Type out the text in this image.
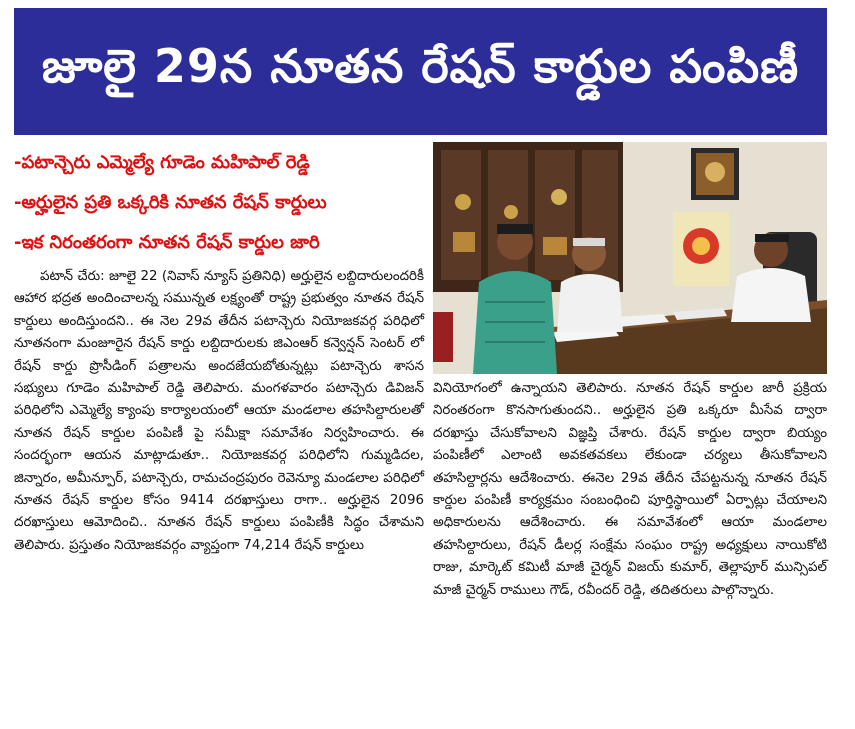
జూలై 29న నూతన రేషన్ కార్డుల పంపిణీ
-పటాన్చెరు ఎమ్మెల్యే గూడెం మహిపాల్ రెడ్డి
-అర్హులైన ప్రతి ఒక్కరికి నూతన రేషన్ కార్డులు
-ఇక నిరంతరంగా నూతన రేషన్ కార్డుల జారి

పటాన్ చేరు: జూలై 22 (నివాస్ న్యూస్ ప్రతినిధి) అర్హులైన లబ్దిదారులందరికీ ఆహార భద్రత అందించాలన్న సమున్నత లక్ష్యంతో రాష్ట్ర ప్రభుత్వం నూతన రేషన్ కార్డులు అందిస్తుందని.. ఈ నెల 29వ తేదీన పటాన్చెరు నియోజకవర్గ పరిధిలో నూతనంగా మంజూరైన రేషన్ కార్డు లబ్దిదారులకు జిఎంఆర్ కన్వెన్షన్ సెంటర్ లో రేషన్ కార్డు ప్రొసీడింగ్ పత్రాలను అందజేయబోతున్నట్లు పటాన్చెరు శాసన సభ్యులు గూడెం మహిపాల్ రెడ్డి తెలిపారు. మంగళవారం పటాన్చెరు డివిజన్ పరిధిలోని ఎమ్మెల్యే క్యాంపు కార్యాలయంలో ఆయా మండలాల తహసిల్దారులతో నూతన రేషన్ కార్డుల పంపిణీ పై సమీక్షా సమావేశం నిర్వహించారు. ఈ సందర్భంగా ఆయన మాట్లాడుతూ.. నియోజకవర్గ పరిధిలోని గుమ్మడిదల, జిన్నారం, అమీన్పూర్, పటాన్చెరు, రామచంద్రపురం రెవెన్యూ మండలాల పరిధిలో నూతన రేషన్ కార్డుల కోసం 9414 దరఖాస్తులు రాగా.. అర్హులైన 2096 దరఖాస్తులు ఆమోదించి.. నూతన రేషన్ కార్డులు పంపిణీకి సిద్ధం చేశామని తెలిపారు. ప్రస్తుతం నియోజకవర్గం వ్యాప్తంగా 74,214 రేషన్ కార్డులు

వినియోగంలో ఉన్నాయని తెలిపారు. నూతన రేషన్ కార్డుల జారీ ప్రక్రియ నిరంతరంగా కొనసాగుతుందని.. అర్హులైన ప్రతి ఒక్కరూ మీసేవ ద్వారా దరఖాస్తు చేసుకోవాలని విజ్ఞప్తి చేశారు. రేషన్ కార్డుల ద్వారా బియ్యం పంపిణీలో ఎలాంటి అవకతవకలు లేకుండా చర్యలు తీసుకోవాలని తహసిల్దార్లను ఆదేశించారు. ఈనెల 29వ తేదీన చేపట్టనున్న నూతన రేషన్ కార్డుల పంపిణీ కార్యక్రమం సంబంధించి పూర్తిస్థాయిలో ఏర్పాట్లు చేయాలని అధికారులను ఆదేశించారు. ఈ సమావేశంలో ఆయా మండలాల తహసిల్దారులు, రేషన్ డీలర్ల సంక్షేమ సంఘం రాష్ట్ర అధ్యక్షులు నాయికోటి రాజు, మార్కెట్ కమిటీ మాజీ చైర్మన్ విజయ్ కుమార్, తెల్లాపూర్ మున్సిపల్ మాజీ చైర్మన్ రాములు గౌడ్, రవీందర్ రెడ్డి, తదితరులు పాల్గొన్నారు.
